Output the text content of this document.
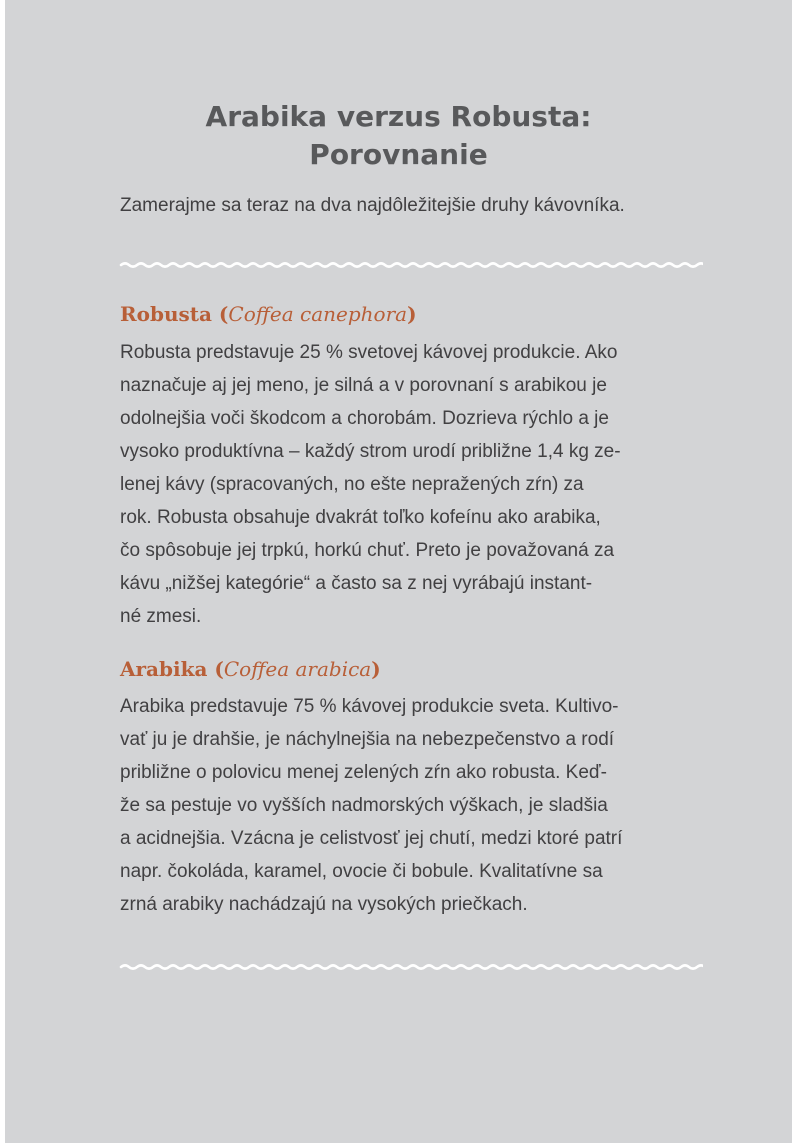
Arabika verzus Robusta:
Porovnanie

Zamerajme sa teraz na dva najdôležitejšie druhy kávovníka.

Robusta (Coffea canephora)
Robusta predstavuje 25 % svetovej kávovej produkcie. Ako
naznačuje aj jej meno, je silná a v porovnaní s arabikou je
odolnejšia voči škodcom a chorobám. Dozrieva rýchlo a je
vysoko produktívna – každý strom urodí približne 1,4 kg ze-
lenej kávy (spracovaných, no ešte nepražených zŕn) za
rok. Robusta obsahuje dvakrát toľko kofeínu ako arabika,
čo spôsobuje jej trpkú, horkú chuť. Preto je považovaná za
kávu „nižšej kategórie“ a často sa z nej vyrábajú instant-
né zmesi.
Arabika (Coffea arabica)
Arabika predstavuje 75 % kávovej produkcie sveta. Kultivo-
vať ju je drahšie, je náchylnejšia na nebezpečenstvo a rodí
približne o polovicu menej zelených zŕn ako robusta. Keď-
že sa pestuje vo vyšších nadmorských výškach, je sladšia
a acidnejšia. Vzácna je celistvosť jej chutí, medzi ktoré patrí
napr. čokoláda, karamel, ovocie či bobule. Kvalitatívne sa
zrná arabiky nachádzajú na vysokých priečkach.
